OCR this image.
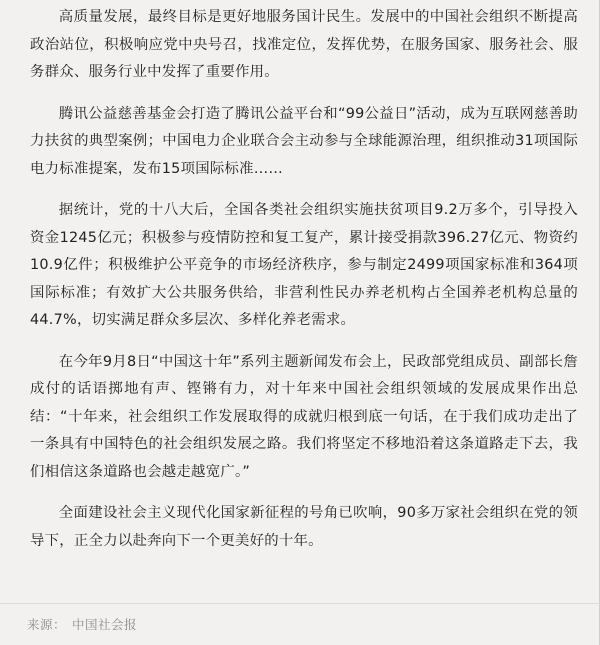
高质量发展，最终目标是更好地服务国计民生。发展中的中国社会组织不断提高政治站位，积极响应党中央号召，找准定位，发挥优势，在服务国家、服务社会、服务群众、服务行业中发挥了重要作用。

腾讯公益慈善基金会打造了腾讯公益平台和“99公益日”活动，成为互联网慈善助力扶贫的典型案例；中国电力企业联合会主动参与全球能源治理，组织推动31项国际电力标准提案，发布15项国际标准……

据统计，党的十八大后，全国各类社会组织实施扶贫项目9.2万多个，引导投入资金1245亿元；积极参与疫情防控和复工复产，累计接受捐款396.27亿元、物资约10.9亿件；积极维护公平竞争的市场经济秩序，参与制定2499项国家标准和364项国际标准；有效扩大公共服务供给，非营利性民办养老机构占全国养老机构总量的44.7%，切实满足群众多层次、多样化养老需求。

在今年9月8日“中国这十年”系列主题新闻发布会上，民政部党组成员、副部长詹成付的话语掷地有声、铿锵有力，对十年来中国社会组织领域的发展成果作出总结：“十年来，社会组织工作发展取得的成就归根到底一句话，在于我们成功走出了一条具有中国特色的社会组织发展之路。我们将坚定不移地沿着这条道路走下去，我们相信这条道路也会越走越宽广。”

全面建设社会主义现代化国家新征程的号角已吹响，90多万家社会组织在党的领导下，正全力以赴奔向下一个更美好的十年。

来源： 中国社会报
